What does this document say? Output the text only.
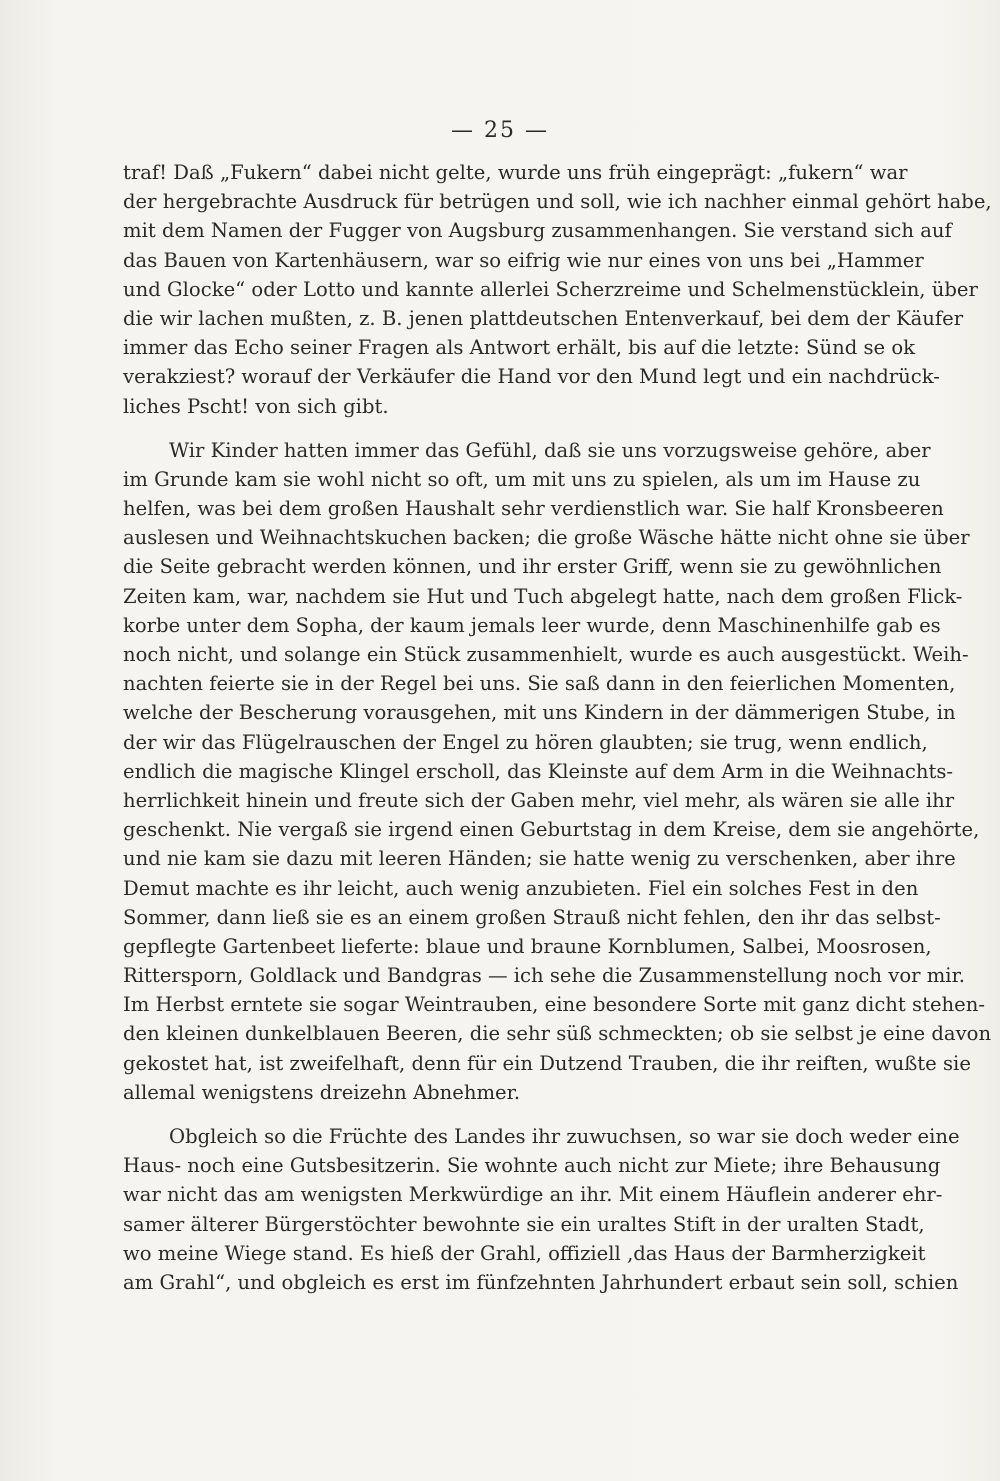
— 25 —
traf! Daß „Fukern“ dabei nicht gelte, wurde uns früh eingeprägt: „fukern“ war
der hergebrachte Ausdruck für betrügen und soll, wie ich nachher einmal gehört habe,
mit dem Namen der Fugger von Augsburg zusammenhangen. Sie verstand sich auf
das Bauen von Kartenhäusern, war so eifrig wie nur eines von uns bei „Hammer
und Glocke“ oder Lotto und kannte allerlei Scherzreime und Schelmenstücklein, über
die wir lachen mußten, z. B. jenen plattdeutschen Entenverkauf, bei dem der Käufer
immer das Echo seiner Fragen als Antwort erhält, bis auf die letzte: Sünd se ok
verakziest? worauf der Verkäufer die Hand vor den Mund legt und ein nachdrück-
liches Pscht! von sich gibt.
Wir Kinder hatten immer das Gefühl, daß sie uns vorzugsweise gehöre, aber
im Grunde kam sie wohl nicht so oft, um mit uns zu spielen, als um im Hause zu
helfen, was bei dem großen Haushalt sehr verdienstlich war. Sie half Kronsbeeren
auslesen und Weihnachtskuchen backen; die große Wäsche hätte nicht ohne sie über
die Seite gebracht werden können, und ihr erster Griff, wenn sie zu gewöhnlichen
Zeiten kam, war, nachdem sie Hut und Tuch abgelegt hatte, nach dem großen Flick-
korbe unter dem Sopha, der kaum jemals leer wurde, denn Maschinenhilfe gab es
noch nicht, und solange ein Stück zusammenhielt, wurde es auch ausgestückt. Weih-
nachten feierte sie in der Regel bei uns. Sie saß dann in den feierlichen Momenten,
welche der Bescherung vorausgehen, mit uns Kindern in der dämmerigen Stube, in
der wir das Flügelrauschen der Engel zu hören glaubten; sie trug, wenn endlich,
endlich die magische Klingel erscholl, das Kleinste auf dem Arm in die Weihnachts-
herrlichkeit hinein und freute sich der Gaben mehr, viel mehr, als wären sie alle ihr
geschenkt. Nie vergaß sie irgend einen Geburtstag in dem Kreise, dem sie angehörte,
und nie kam sie dazu mit leeren Händen; sie hatte wenig zu verschenken, aber ihre
Demut machte es ihr leicht, auch wenig anzubieten. Fiel ein solches Fest in den
Sommer, dann ließ sie es an einem großen Strauß nicht fehlen, den ihr das selbst-
gepflegte Gartenbeet lieferte: blaue und braune Kornblumen, Salbei, Moosrosen,
Rittersporn, Goldlack und Bandgras — ich sehe die Zusammenstellung noch vor mir.
Im Herbst erntete sie sogar Weintrauben, eine besondere Sorte mit ganz dicht stehen-
den kleinen dunkelblauen Beeren, die sehr süß schmeckten; ob sie selbst je eine davon
gekostet hat, ist zweifelhaft, denn für ein Dutzend Trauben, die ihr reiften, wußte sie
allemal wenigstens dreizehn Abnehmer.
Obgleich so die Früchte des Landes ihr zuwuchsen, so war sie doch weder eine
Haus- noch eine Gutsbesitzerin. Sie wohnte auch nicht zur Miete; ihre Behausung
war nicht das am wenigsten Merkwürdige an ihr. Mit einem Häuflein anderer ehr-
samer älterer Bürgerstöchter bewohnte sie ein uraltes Stift in der uralten Stadt,
wo meine Wiege stand. Es hieß der Grahl, offiziell ‚das Haus der Barmherzigkeit
am Grahl“, und obgleich es erst im fünfzehnten Jahrhundert erbaut sein soll, schien
